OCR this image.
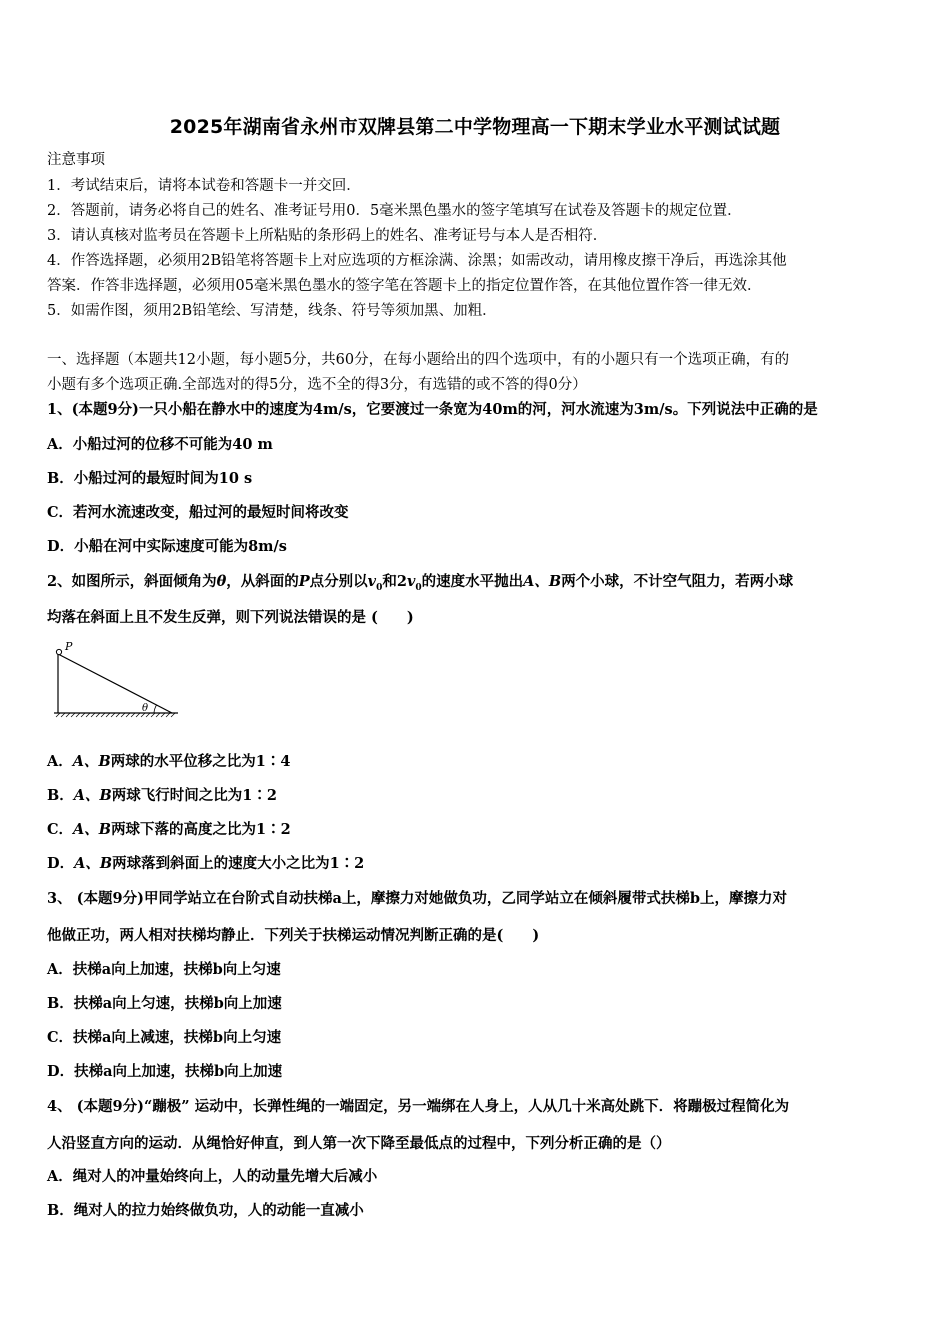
2025年湖南省永州市双牌县第二中学物理高一下期末学业水平测试试题
注意事项
1．考试结束后，请将本试卷和答题卡一并交回．
2．答题前，请务必将自己的姓名、准考证号用0．5毫米黑色墨水的签字笔填写在试卷及答题卡的规定位置．
3．请认真核对监考员在答题卡上所粘贴的条形码上的姓名、准考证号与本人是否相符．
4．作答选择题，必须用2B铅笔将答题卡上对应选项的方框涂满、涂黑；如需改动，请用橡皮擦干净后，再选涂其他
答案．作答非选择题，必须用05毫米黑色墨水的签字笔在答题卡上的指定位置作答，在其他位置作答一律无效．
5．如需作图，须用2B铅笔绘、写清楚，线条、符号等须加黑、加粗．
一、选择题（本题共12小题，每小题5分，共60分，在每小题给出的四个选项中，有的小题只有一个选项正确，有的
小题有多个选项正确.全部选对的得5分，选不全的得3分，有选错的或不答的得0分）
1、(本题9分)一只小船在静水中的速度为4m/s，它要渡过一条宽为40m的河，河水流速为3m/s。下列说法中正确的是
A．小船过河的位移不可能为40 m
B．小船过河的最短时间为10 s
C．若河水流速改变，船过河的最短时间将改变
D．小船在河中实际速度可能为8m/s
2、如图所示，斜面倾角为θ，从斜面的P点分别以$v_0$和$2v_0$的速度水平抛出A、B两个小球，不计空气阻力，若两小球
均落在斜面上且不发生反弹，则下列说法错误的是 (　　)
P
θ
A．A、B两球的水平位移之比为1∶4
B．A、B两球飞行时间之比为1∶2
C．A、B两球下落的高度之比为1∶2
D．A、B两球落到斜面上的速度大小之比为1∶2
3、 (本题9分)甲同学站立在台阶式自动扶梯a上，摩擦力对她做负功，乙同学站立在倾斜履带式扶梯b上，摩擦力对
他做正功，两人相对扶梯均静止．下列关于扶梯运动情况判断正确的是(　　)
A．扶梯a向上加速，扶梯b向上匀速
B．扶梯a向上匀速，扶梯b向上加速
C．扶梯a向上减速，扶梯b向上匀速
D．扶梯a向上加速，扶梯b向上加速
4、 (本题9分)“蹦极” 运动中，长弹性绳的一端固定，另一端绑在人身上，人从几十米高处跳下．将蹦极过程简化为
人沿竖直方向的运动．从绳恰好伸直，到人第一次下降至最低点的过程中，下列分析正确的是（）
A．绳对人的冲量始终向上，人的动量先增大后减小
B．绳对人的拉力始终做负功，人的动能一直减小
